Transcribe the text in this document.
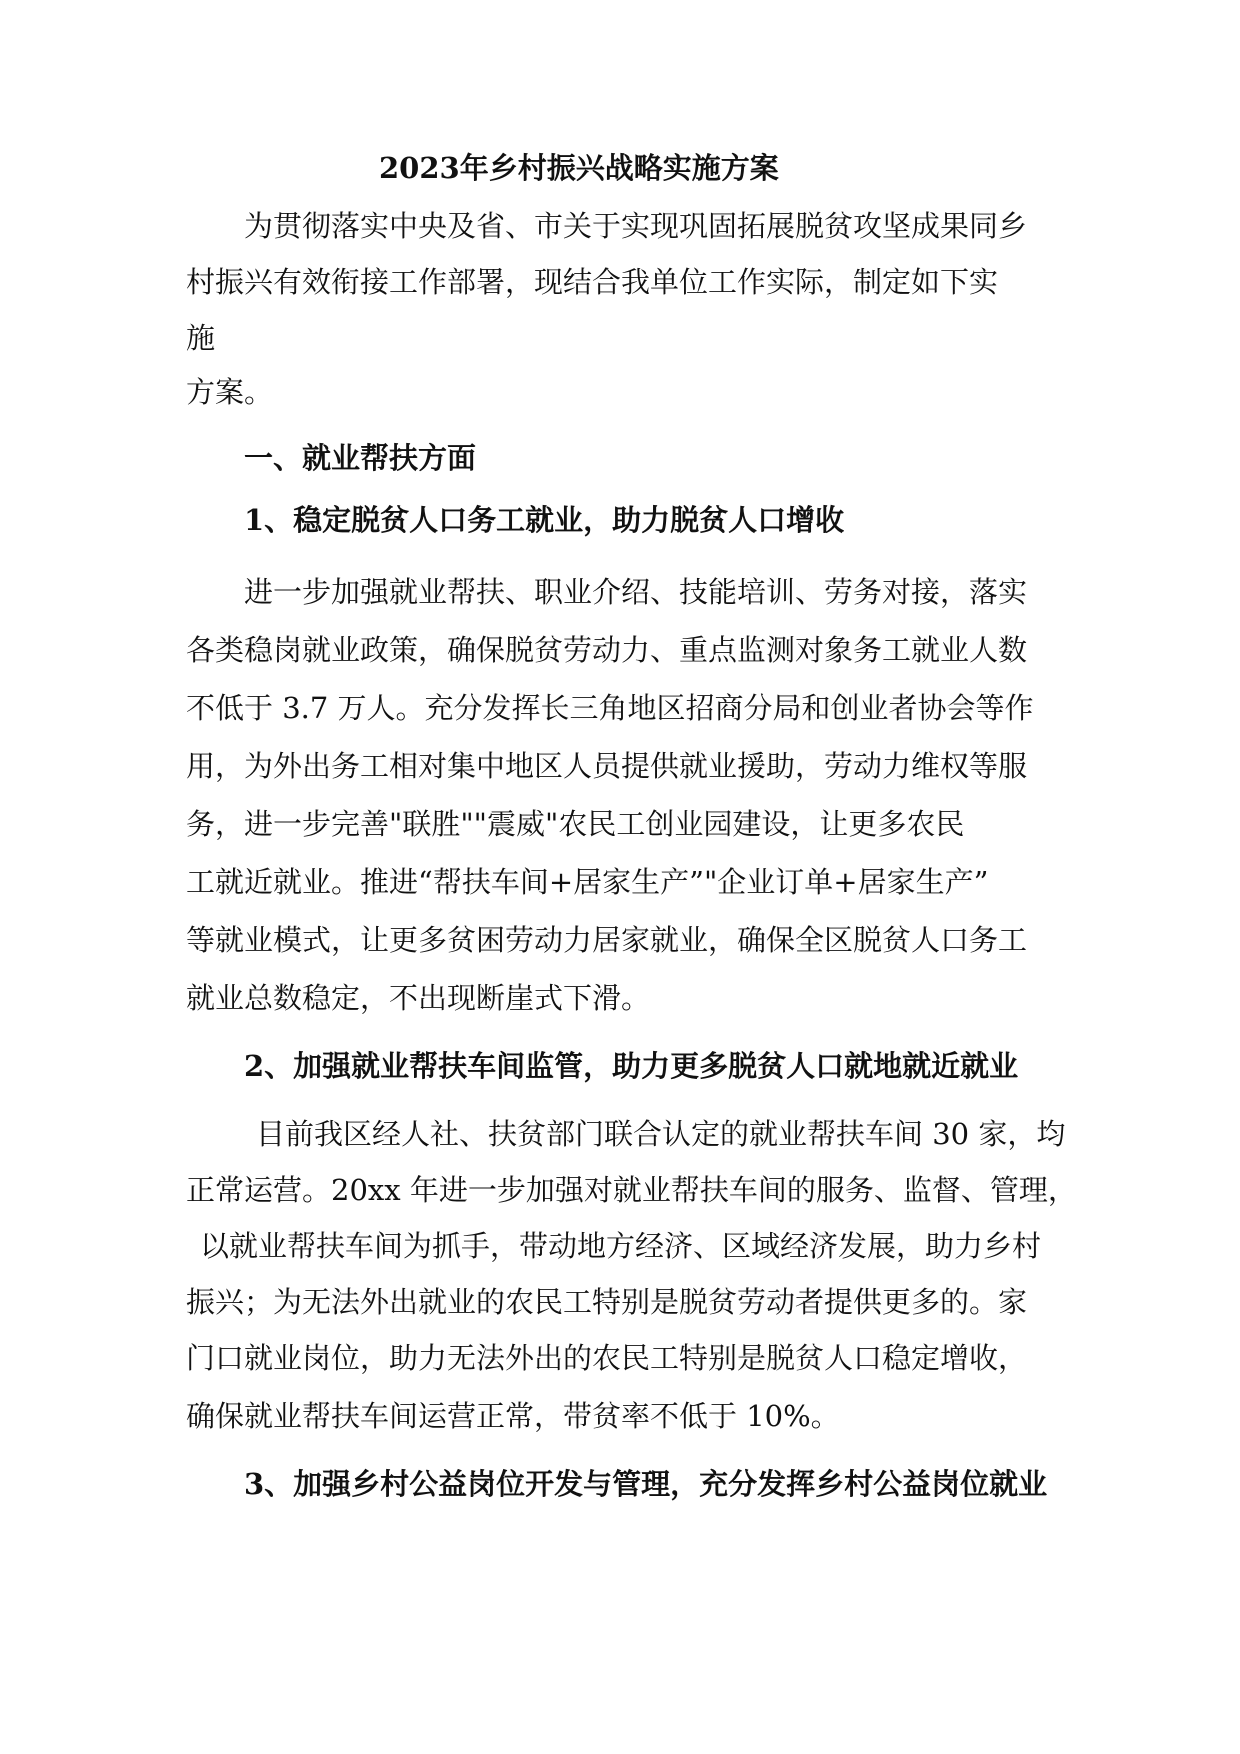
2023年乡村振兴战略实施方案
为贯彻落实中央及省、市关于实现巩固拓展脱贫攻坚成果同乡
村振兴有效衔接工作部署，现结合我单位工作实际，制定如下实
施
方案。
一、就业帮扶方面
1、稳定脱贫人口务工就业，助力脱贫人口增收
进一步加强就业帮扶、职业介绍、技能培训、劳务对接，落实
各类稳岗就业政策，确保脱贫劳动力、重点监测对象务工就业人数
不低于 3.7 万人。充分发挥长三角地区招商分局和创业者协会等作
用，为外出务工相对集中地区人员提供就业援助，劳动力维权等服
务，进一步完善"联胜""震威"农民工创业园建设，让更多农民
工就近就业。推进“帮扶车间+居家生产”"企业订单+居家生产”
等就业模式，让更多贫困劳动力居家就业，确保全区脱贫人口务工
就业总数稳定，不出现断崖式下滑。
2、加强就业帮扶车间监管，助力更多脱贫人口就地就近就业
目前我区经人社、扶贫部门联合认定的就业帮扶车间 30 家，均
正常运营。20xx 年进一步加强对就业帮扶车间的服务、监督、管理，
以就业帮扶车间为抓手，带动地方经济、区域经济发展，助力乡村
振兴；为无法外出就业的农民工特别是脱贫劳动者提供更多的。家
门口就业岗位，助力无法外出的农民工特别是脱贫人口稳定增收，
确保就业帮扶车间运营正常，带贫率不低于 10%。
3、加强乡村公益岗位开发与管理，充分发挥乡村公益岗位就业
